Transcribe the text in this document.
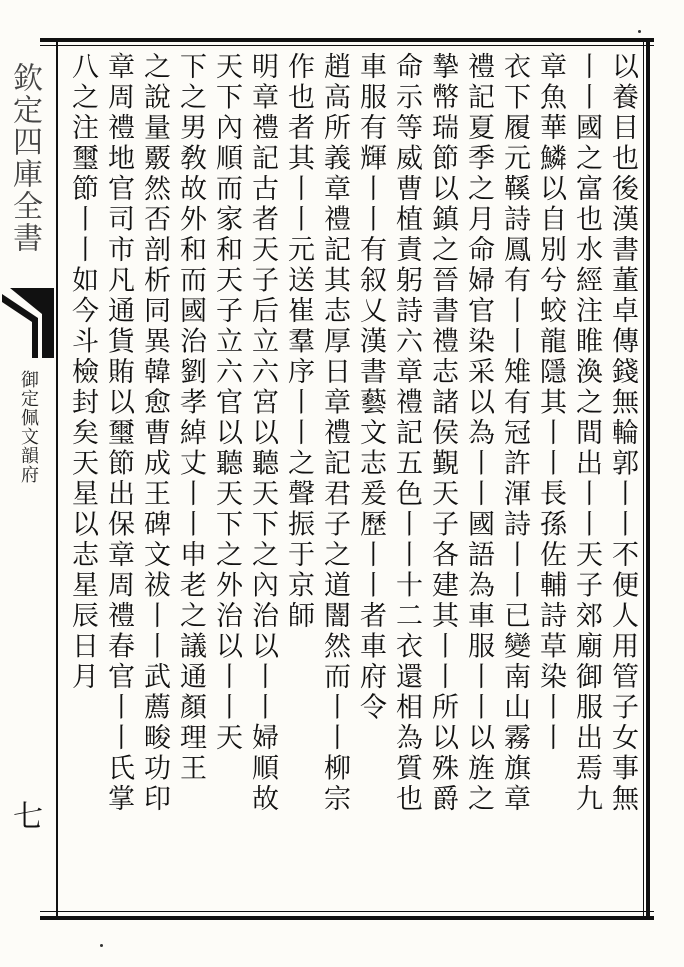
欽定四庫全書
御定佩文韻府
七
以養目也後漢書董卓傳錢無輪郭丨丨不便人用管子女事無
丨丨國之富也水經注睢渙之間出丨丨天子郊廟御服出焉九
章魚華鱗以自別兮蛟龍隱其丨丨長孫佐輔詩草染丨丨
衣下履元鞵詩鳳有丨丨雉有冠許渾詩丨丨已變南山霧旗章
禮記夏季之月命婦官染采以為丨丨國語為車服丨丨以旌之
摯幣瑞節以鎮之晉書禮志諸侯覲天子各建其丨丨所以殊爵
命示等威曹植責躬詩六章禮記五色丨丨十二衣還相為質也
車服有輝丨丨有叙乂漢書藝文志爰歷丨丨者車府令
趙高所義章禮記其志厚日章禮記君子之道闇然而丨丨柳宗
作也者其丨丨元送崔羣序丨丨之聲振于京師
明章禮記古者天子后立六宮以聽天下之內治以丨丨婦順故
天下內順而家和天子立六官以聽天下之外治以丨丨天
下之男敎故外和而國治劉孝綽丈丨丨申老之議通顏理王
之說量覈然否剖析同異韓愈曹成王碑文祓丨丨武薦畯功印
章周禮地官司市凡通貨賄以璽節出保章周禮春官丨丨氏掌
八之注璽節丨丨如今斗檢封矣天星以志星辰日月
